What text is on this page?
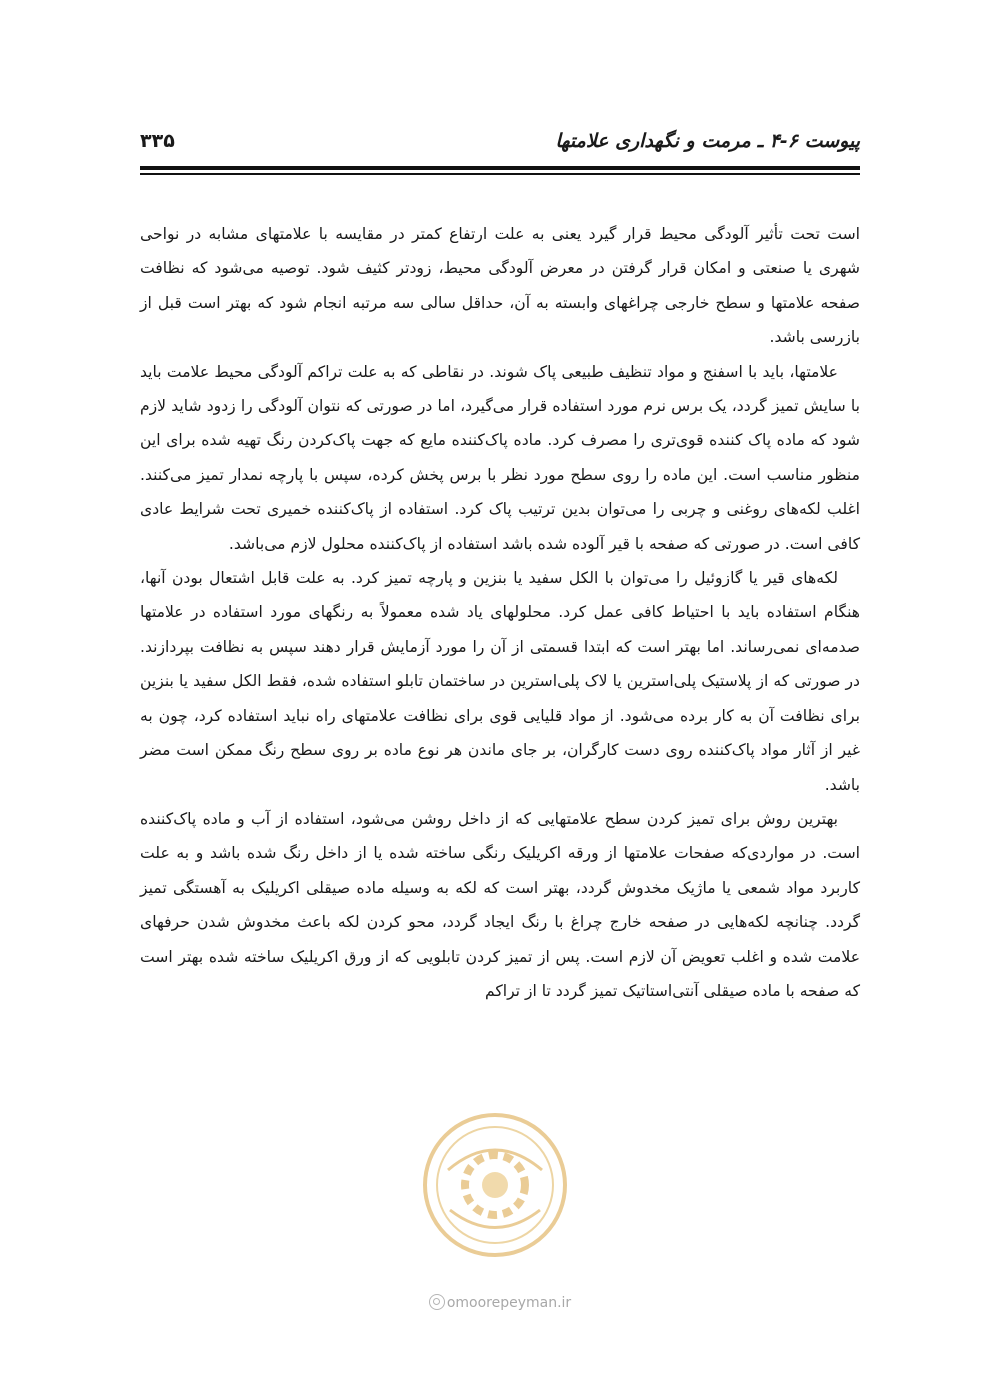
پیوست ۶-۴ ـ مرمت و نگهداری علامتها
۳۳۵

است تحت تأثیر آلودگی محیط قرار گیرد یعنی به علت ارتفاع کمتر در مقایسه با علامتهای مشابه در نواحی شهری یا صنعتی و امکان قرار گرفتن در معرض آلودگی محیط، زودتر کثیف شود. توصیه می‌شود که نظافت صفحه علامتها و سطح خارجی چراغهای وابسته به آن، حداقل سالی سه مرتبه انجام شود که بهتر است قبل از بازرسی باشد.

علامتها، باید با اسفنج و مواد تنظیف طبیعی پاک شوند. در نقاطی که به علت تراکم آلودگی محیط علامت باید با سایش تمیز گردد، یک برس نرم مورد استفاده قرار می‌گیرد، اما در صورتی که نتوان آلودگی را زدود شاید لازم شود که ماده پاک کننده قوی‌تری را مصرف کرد. ماده پاک‌کننده مایع که جهت پاک‌کردن رنگ تهیه شده برای این منظور مناسب است. این ماده را روی سطح مورد نظر با برس پخش کرده، سپس با پارچه نمدار تمیز می‌کنند. اغلب لکه‌های روغنی و چربی را می‌توان بدین ترتیب پاک کرد. استفاده از پاک‌کننده خمیری تحت شرایط عادی کافی است. در صورتی که صفحه با قیر آلوده شده باشد استفاده از پاک‌کننده محلول لازم می‌باشد.

لکه‌های قیر یا گازوئیل را می‌توان با الکل سفید یا بنزین و پارچه تمیز کرد. به علت قابل اشتعال بودن آنها، هنگام استفاده باید با احتیاط کافی عمل کرد. محلولهای یاد شده معمولاً به رنگهای مورد استفاده در علامتها صدمه‌ای نمی‌رساند. اما بهتر است که ابتدا قسمتی از آن را مورد آزمایش قرار دهند سپس به نظافت بپردازند. در صورتی که از پلاستیک پلی‌استرین یا لاک پلی‌استرین در ساختمان تابلو استفاده شده، فقط الکل سفید یا بنزین برای نظافت آن به کار برده می‌شود. از مواد قلیایی قوی برای نظافت علامتهای راه نباید استفاده کرد، چون به غیر از آثار مواد پاک‌کننده روی دست کارگران، بر جای ماندن هر نوع ماده بر روی سطح رنگ ممکن است مضر باشد.

بهترین روش برای تمیز کردن سطح علامتهایی که از داخل روشن می‌شود، استفاده از آب و ماده پاک‌کننده است. در مواردی‌که صفحات علامتها از ورقه اکریلیک رنگی ساخته شده یا از داخل رنگ شده باشد و به علت کاربرد مواد شمعی یا ماژیک مخدوش گردد، بهتر است که لکه به وسیله ماده صیقلی اکریلیک به آهستگی تمیز گردد. چنانچه لکه‌هایی در صفحه خارج چراغ با رنگ ایجاد گردد، محو کردن لکه باعث مخدوش شدن حرفهای علامت شده و اغلب تعویض آن لازم است. پس از تمیز کردن تابلویی که از ورق اکریلیک ساخته شده بهتر است که صفحه با ماده صیقلی آنتی‌استاتیک تمیز گردد تا از تراکم

omoorepeyman.ir
